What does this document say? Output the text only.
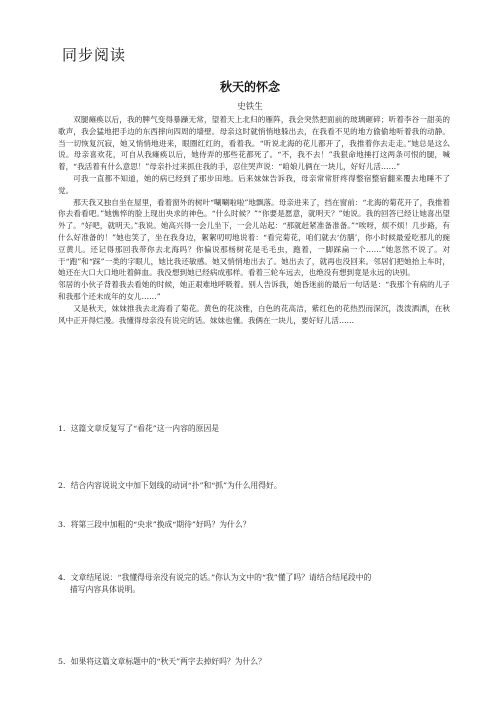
同步阅读
秋天的怀念
史铁生

双腿瘫痪以后，我的脾气变得暴躁无常，望着天上北归的雁阵，我会突然把面前的玻璃砸碎；听着李谷一甜美的歌声，我会猛地把手边的东西摔向四周的墙壁。母亲这时就悄悄地躲出去，在我看不见的地方偷偷地听着我的动静。当一切恢复沉寂，她又悄悄地进来，眼圈红红的，看着我。“听说北海的花儿都开了，我推着你去走走。”她总是这么说。母亲喜欢花，可自从我瘫痪以后，她侍弄的那些花都死了。“不，我不去！”我狠命地捶打这两条可恨的腿，喊着，“我活着有什么意思！”母亲扑过来抓住我的手，忍住哭声说：“咱娘儿俩在一块儿，好好儿活……”

可我一直都不知道，她的病已经到了那步田地。后来妹妹告诉我，母亲常常肝疼得整宿整宿翻来覆去地睡不了觉。

那天我又独自坐在屋里，看着窗外的树叶“唰唰啦啦”地飘落。母亲进来了，挡在窗前：“北海的菊花开了，我推着你去看看吧。”她憔悴的脸上现出央求的神色。“什么时候？”“你要是愿意，就明天？”她说。我的回答已经让她喜出望外了。“好吧，就明天。”我说。她高兴得一会儿坐下，一会儿站起：“那就赶紧准备准备。”“唉呀，烦不烦！几步路，有什么好准备的！”她也笑了，坐在我身边，絮絮叨叨地说着：“看完菊花，咱们就去‘仿膳’，你小时候最爱吃那儿的豌豆黄儿。还记得那回我带你去北海吗？你偏说那杨树花是毛毛虫，跑着，一脚踩扁一个……”她忽然不说了。对于“跑”和“踩”一类的字眼儿，她比我还敏感。她又悄悄地出去了。她出去了，就再也没回来。邻居们把她抬上车时，她还在大口大口地吐着鲜血。我没想到她已经病成那样。看着三轮车远去，也绝没有想到竟是永远的诀别。

邻居的小伙子背着我去看她的时候，她正艰难地呼吸着。别人告诉我，她昏迷前的最后一句话是：“我那个有病的儿子和我那个还未成年的女儿……”

又是秋天，妹妹推我去北海看了菊花。黄色的花淡雅，白色的花高洁，紫红色的花热烈而深沉，泼泼洒洒，在秋风中正开得烂漫。我懂得母亲没有说完的话。妹妹也懂。我俩在一块儿，要好好儿活……

1．这篇文章反复写了“看花”这一内容的原因是
2．结合内容说说文中加下划线的动词“扑”和“抓”为什么用得好。
3．将第三段中加粗的“央求”换成“期待”好吗？为什么？
4．文章结尾说：“我懂得母亲没有说完的话。”你认为文中的“我”懂了吗？请结合结尾段中的
描写内容具体说明。
5．如果将这篇文章标题中的“秋天”两字去掉好吗？为什么？
